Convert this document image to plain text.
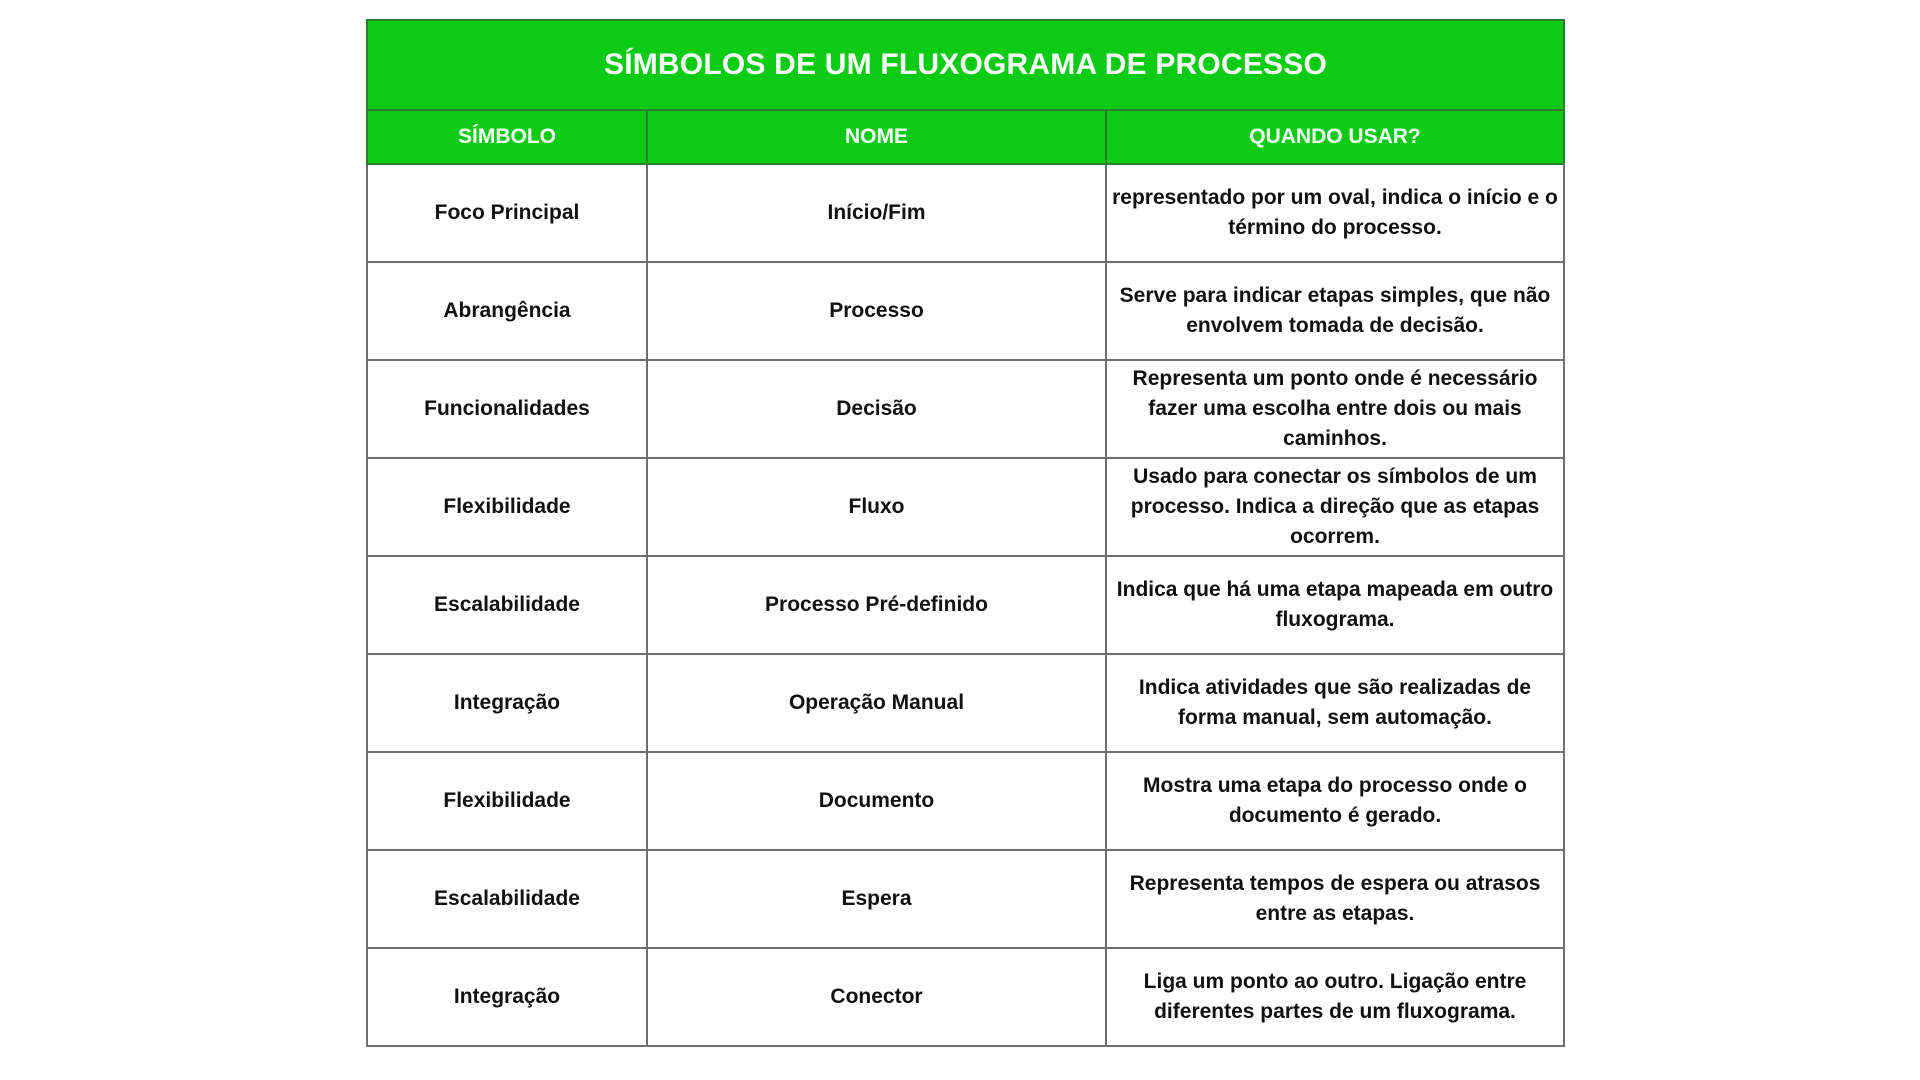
SÍMBOLOS DE UM FLUXOGRAMA DE PROCESSO		
SÍMBOLO	NOME	QUANDO USAR?
Foco Principal	Início/Fim	representado por um oval, indica o início e o término do processo.
Abrangência	Processo	Serve para indicar etapas simples, que não envolvem tomada de decisão.
Funcionalidades	Decisão	Representa um ponto onde é necessário fazer uma escolha entre dois ou mais caminhos.
Flexibilidade	Fluxo	Usado para conectar os símbolos de um processo. Indica a direção que as etapas ocorrem.
Escalabilidade	Processo Pré-definido	Indica que há uma etapa mapeada em outro fluxograma.
Integração	Operação Manual	Indica atividades que são realizadas de forma manual, sem automação.
Flexibilidade	Documento	Mostra uma etapa do processo onde o documento é gerado.
Escalabilidade	Espera	Representa tempos de espera ou atrasos entre as etapas.
Integração	Conector	Liga um ponto ao outro. Ligação entre diferentes partes de um fluxograma.
